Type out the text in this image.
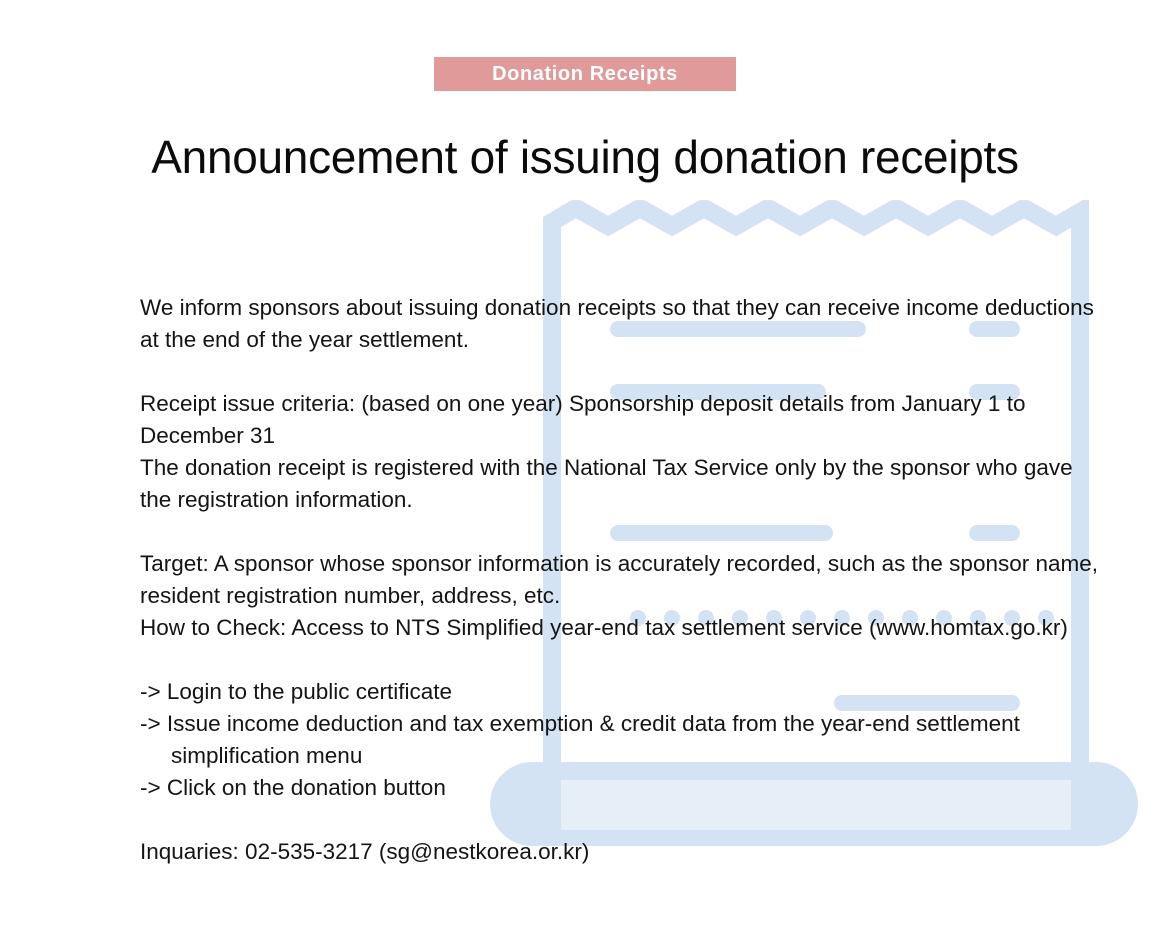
Donation Receipts
Announcement of issuing donation receipts

We inform sponsors about issuing donation receipts so that they can receive income deductions at the end of the year settlement.

Receipt issue criteria: (based on one year) Sponsorship deposit details from January 1 to December 31

The donation receipt is registered with the National Tax Service only by the sponsor who gave the registration information.

Target: A sponsor whose sponsor information is accurately recorded, such as the sponsor name, resident registration number, address, etc.

How to Check: Access to NTS Simplified year-end tax settlement service (www.homtax.go.kr)

-> Login to the public certificate

-> Issue income deduction and tax exemption & credit data from the year-end settlement simplification menu

-> Click on the donation button

Inquaries: 02-535-3217 (sg@nestkorea.or.kr)
